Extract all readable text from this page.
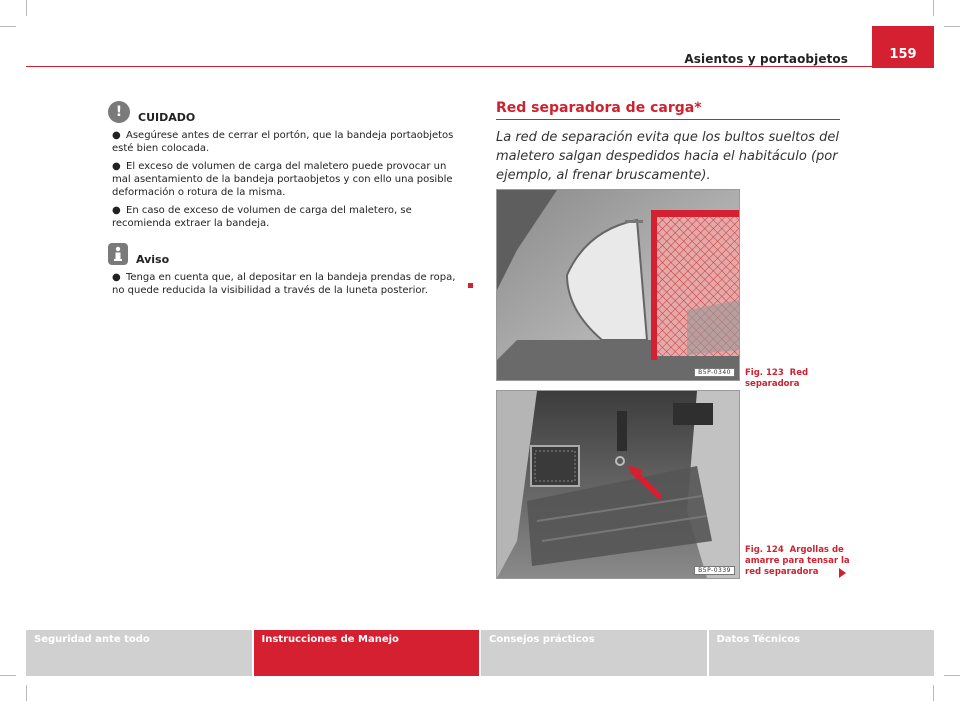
Asientos y portaobjetos	159
!	CUIDADO

● Asegúrese antes de cerrar el portón, que la bandeja portaobjetos esté bien colocada.

● El exceso de volumen de carga del maletero puede provocar un mal asentamiento de la bandeja portaobjetos y con ello una posible deformación o rotura de la misma.

● En caso de exceso de volumen de carga del maletero, se recomienda extraer la bandeja.

Aviso

● Tenga en cuenta que, al depositar en la bandeja prendas de ropa, no quede reducida la visibilidad a través de la luneta posterior.

Red separadora de carga*
La red de separación evita que los bultos sueltos del maletero salgan despedidos hacia el habitáculo (por ejemplo, al frenar bruscamente).
B5P-0340	Fig. 123 Red separadora
B5P-0339
Fig. 124 Argollas de amarre para tensar la red separadora
Seguridad ante todo	Instrucciones de Manejo	Consejos prácticos	Datos Técnicos
